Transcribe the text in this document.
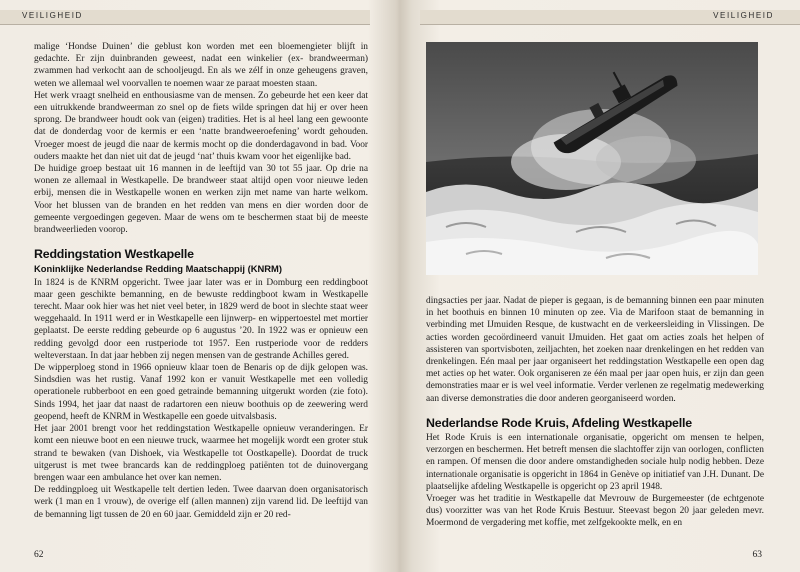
VEILIGHEID

malige ‘Hondse Duinen’ die geblust kon worden met een bloemengieter blijft in gedachte. Er zijn duinbranden geweest, nadat een winkelier (ex- brandweerman) zwammen had verkocht aan de schooljeugd. En als we zélf in onze geheugens graven, weten we allemaal wel voorvallen te noemen waar ze paraat moesten staan.

Het werk vraagt snelheid en enthousiasme van de mensen. Zo gebeurde het een keer dat een uitrukkende brandweerman zo snel op de fiets wilde springen dat hij er over heen sprong. De brandweer houdt ook van (eigen) tradities. Het is al heel lang een gewoonte dat de donderdag voor de kermis er een ‘natte brandweeroefening’ wordt gehouden. Vroeger moest de jeugd die naar de kermis mocht op die donderdagavond in bad. Voor ouders maakte het dan niet uit dat de jeugd ‘nat’ thuis kwam voor het eigenlijke bad.

De huidige groep bestaat uit 16 mannen in de leeftijd van 30 tot 55 jaar. Op drie na wonen ze allemaal in Westkapelle. De brandweer staat altijd open voor nieuwe leden erbij, mensen die in Westkapelle wonen en werken zijn met name van harte welkom. Voor het blussen van de branden en het redden van mens en dier worden door de gemeente vergoedingen gegeven. Maar de wens om te beschermen staat bij de meeste brandweerlieden voorop.

Reddingstation Westkapelle
Koninklijke Nederlandse Redding Maatschappij (KNRM)

In 1824 is de KNRM opgericht. Twee jaar later was er in Domburg een reddingboot maar geen geschikte bemanning, en de bewuste reddingboot kwam in Westkapelle terecht. Maar ook hier was het niet veel beter, in 1829 werd de boot in slechte staat weer weggehaald. In 1911 werd er in Westkapelle een lijnwerp- en wippertoestel met mortier geplaatst. De eerste redding gebeurde op 6 augustus ’20. In 1922 was er opnieuw een redding gevolgd door een rustperiode tot 1957. Een rustperiode voor de redders welteverstaan. In dat jaar hebben zij negen mensen van de gestrande Achilles gered.

De wipperploeg stond in 1966 opnieuw klaar toen de Benaris op de dijk gelopen was. Sindsdien was het rustig. Vanaf 1992 kon er vanuit Westkapelle met een volledig operationele rubberboot en een goed getrainde bemanning uitgerukt worden (zie foto). Sinds 1994, het jaar dat naast de radartoren een nieuw boothuis op de zeewering werd geopend, heeft de KNRM in Westkapelle een goede uitvalsbasis.

Het jaar 2001 brengt voor het reddingstation Westkapelle opnieuw veranderingen. Er komt een nieuwe boot en een nieuwe truck, waarmee het mogelijk wordt een groter stuk strand te bewaken (van Dishoek, via Westkapelle tot Oostkapelle). Doordat de truck uitgerust is met twee brancards kan de reddingploeg patiënten tot de duinovergang brengen waar een ambulance het over kan nemen.

De reddingploeg uit Westkapelle telt dertien leden. Twee daarvan doen organisatorisch werk (1 man en 1 vrouw), de overige elf (allen mannen) zijn varend lid. De leeftijd van de bemanning ligt tussen de 20 en 60 jaar. Gemiddeld zijn er 20 red-

62
VEILIGHEID

dingsacties per jaar. Nadat de pieper is gegaan, is de bemanning binnen een paar minuten in het boothuis en binnen 10 minuten op zee. Via de Marifoon staat de bemanning in verbinding met IJmuiden Resque, de kustwacht en de verkeersleiding in Vlissingen. De acties worden gecoördineerd vanuit IJmuiden. Het gaat om acties zoals het helpen of assisteren van sportvisboten, zeiljachten, het zoeken naar drenkelingen en het redden van drenkelingen. Eén maal per jaar organiseert het reddingstation Westkapelle een open dag met acties op het water. Ook organiseren ze één maal per jaar open huis, er zijn dan geen demonstraties maar er is wel veel informatie. Verder verlenen ze regelmatig medewerking aan diverse demonstraties die door anderen georganiseerd worden.

Nederlandse Rode Kruis, Afdeling Westkapelle

Het Rode Kruis is een internationale organisatie, opgericht om mensen te helpen, verzorgen en beschermen. Het betreft mensen die slachtoffer zijn van oorlogen, conflicten en rampen. Of mensen die door andere omstandigheden sociale hulp nodig hebben. Deze internationale organisatie is opgericht in 1864 in Genève op initiatief van J.H. Dunant. De plaatselijke afdeling Westkapelle is opgericht op 23 april 1948.

Vroeger was het traditie in Westkapelle dat Mevrouw de Burgemeester (de echtgenote dus) voorzitter was van het Rode Kruis Bestuur. Steevast begon 20 jaar geleden mevr. Moermond de vergadering met koffie, met zelfgekookte melk, en en

63
